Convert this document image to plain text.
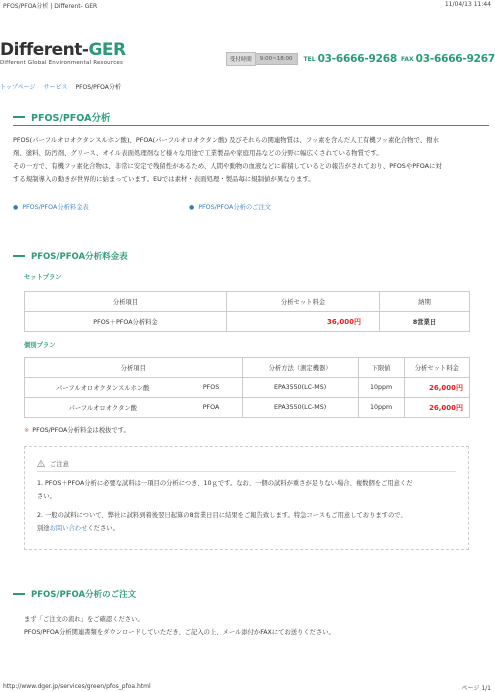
PFOS/PFOA分析 | Different- GER	11/04/13 11:44
Different-GER
Different Global Environmental Resources	受付時間	9:00~18:00	TEL 03-6666-9268 FAX 03-6666-9267
トップページ サービス PFOS/PFOA分析
PFOS/PFOA分析
PFOS(パーフルオロオクタンスルホン酸)、PFOA(パーフルオロオクタン酸) 及びそれらの関連物質は、フッ素を含んだ人工有機フッ素化合物で、撥水
剤、塗料、防汚剤、グリース、オイル表面処理剤など様々な用途で工業製品や家庭用品などの分野に幅広くされている物質です。
その一方で、有機フッ素化合物は、非常に安定で残留性があるため、人間や動物の血液などに蓄積しているとの報告がされており、PFOSやPFOAに対
する規制導入の動きが世界的に始まっています。EUでは素材・表面処理・製品毎に規制値が異なります。
● PFOS/PFOA分析料金表	● PFOS/PFOA分析のご注文
PFOS/PFOA分析料金表
セットプラン
分析項目	分析セット料金	納期
PFOS＋PFOA分析料金	36,000円	8営業日
個別プラン
分析項目		分析方法（測定機器）	下限値	分析セット料金
パーフルオロオクタンスルホン酸	PFOS	EPA3550(LC-MS)	10ppm	26,000円
パーフルオロオクタン酸	PFOA	EPA3550(LC-MS)	10ppm	26,000円
※ PFOS/PFOA分析料金は税抜です。
ご注意
1. PFOS＋PFOA分析に必要な試料は一項目の分析につき、10ｇです。なお、一個の試料が重さが足りない場合、複数個をご用意くだ
さい。
2. 一般の試料について、弊社に試料到着後翌日起算の8営業日目に結果をご報告致します。特急コースもご用意しておりますので、
別途お問い合わせください。
PFOS/PFOA分析のご注文
まず「ご注文の流れ」をご確認ください。
PFOS/PFOA分析関連書類をダウンロードしていただき、ご記入の上、メール添付かFAXにてお送りください。
http://www.dger.jp/services/green/pfos_pfoa.html	ページ 1/1
